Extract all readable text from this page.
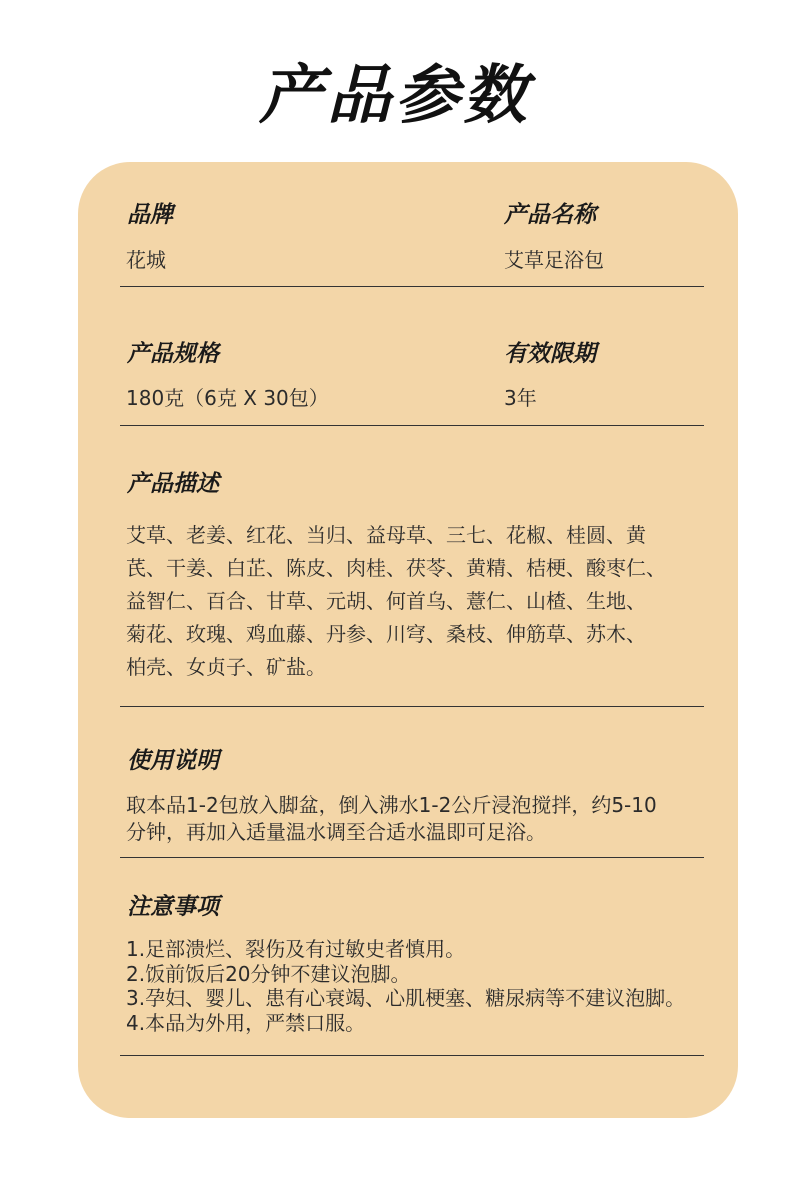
产品参数
品牌
花城
产品名称
艾草足浴包
产品规格
180克（6克 X 30包）
有效限期
3年
产品描述
艾草、老姜、红花、当归、益母草、三七、花椒、桂圆、黄
芪、干姜、白芷、陈皮、肉桂、茯苓、黄精、桔梗、酸枣仁、
益智仁、百合、甘草、元胡、何首乌、薏仁、山楂、生地、
菊花、玫瑰、鸡血藤、丹参、川穹、桑枝、伸筋草、苏木、
柏壳、女贞子、矿盐。
使用说明
取本品1-2包放入脚盆，倒入沸水1-2公斤浸泡搅拌，约5-10
分钟，再加入适量温水调至合适水温即可足浴。
注意事项
1.足部溃烂、裂伤及有过敏史者慎用。
2.饭前饭后20分钟不建议泡脚。
3.孕妇、婴儿、患有心衰竭、心肌梗塞、糖尿病等不建议泡脚。
4.本品为外用，严禁口服。
